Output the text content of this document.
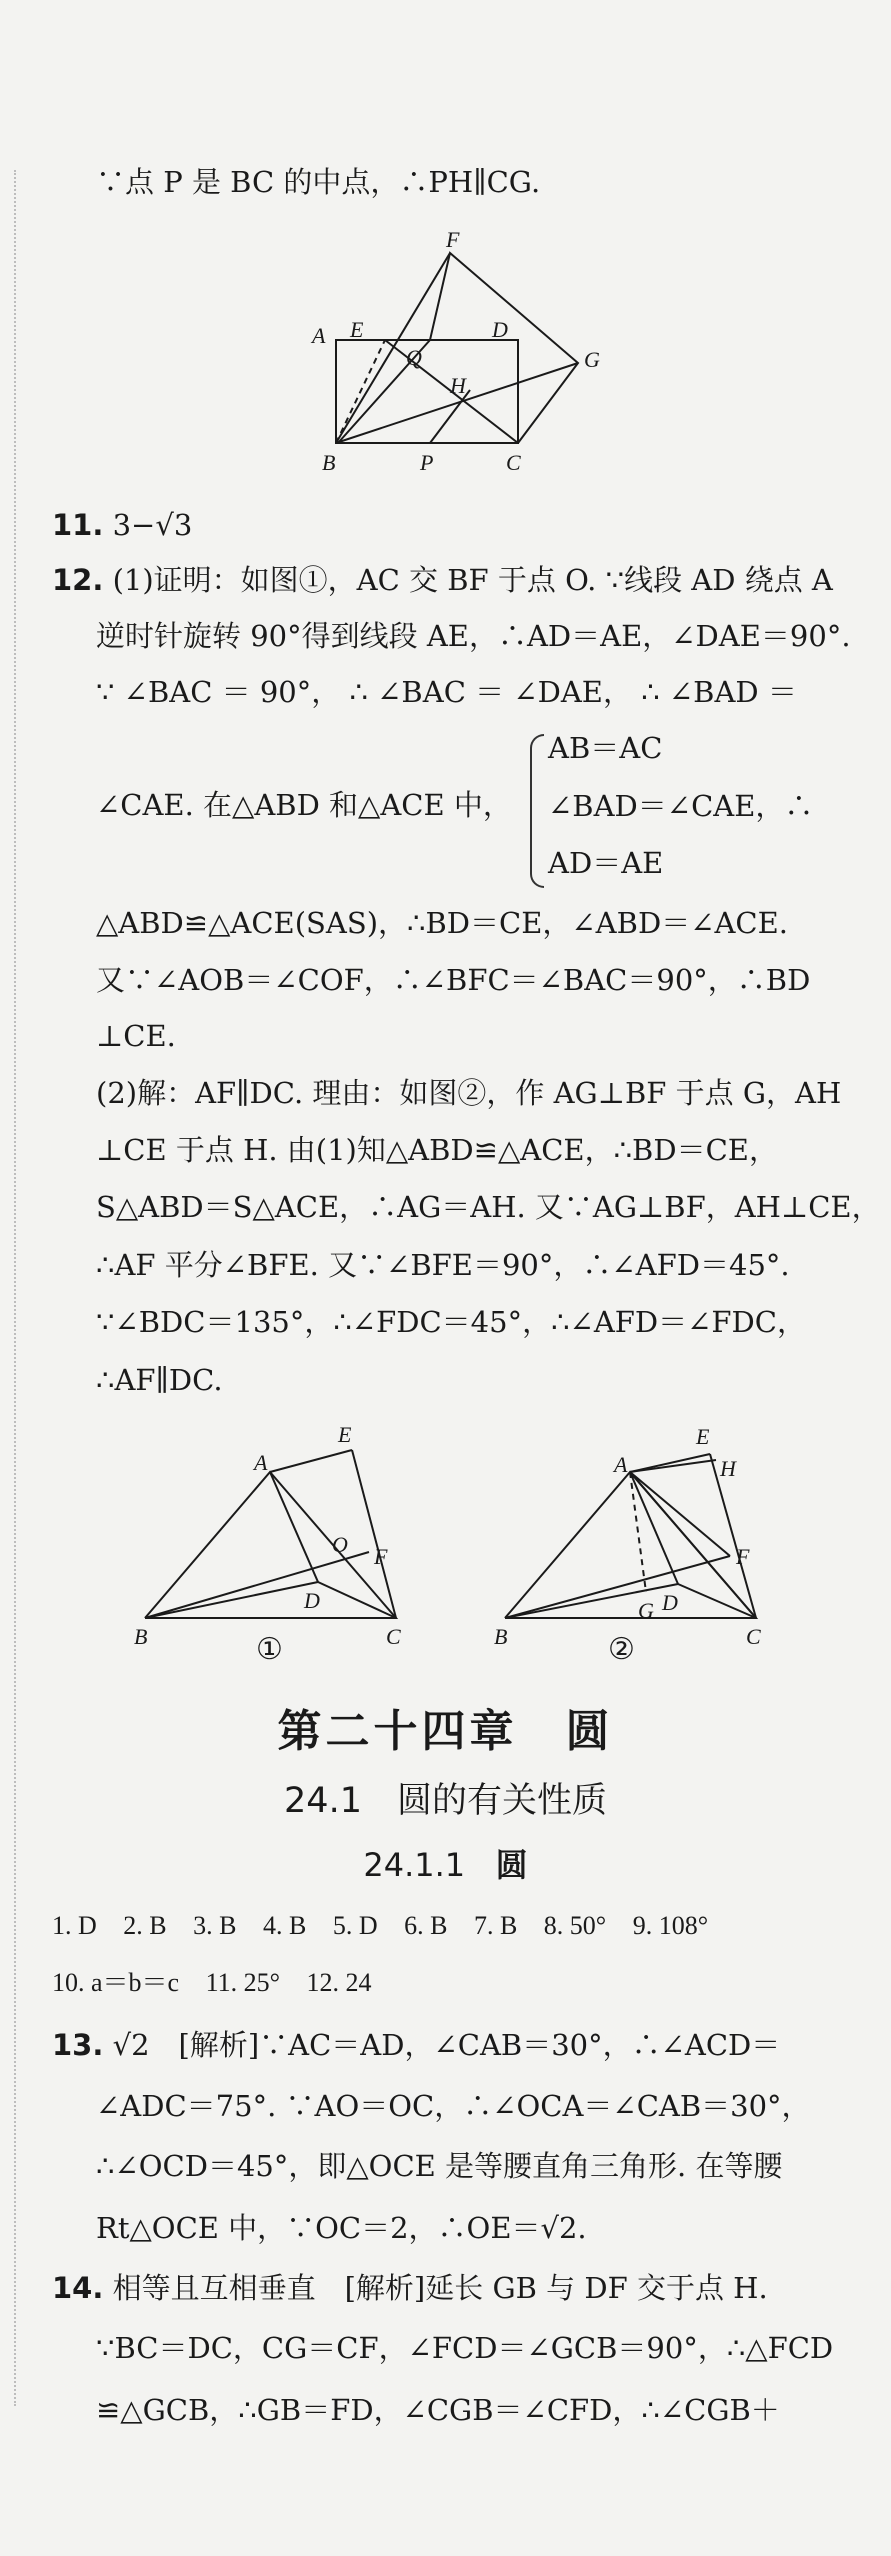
∵点 P 是 BC 的中点，∴PH∥CG.
F
A E	D
G
Q
H
B	P	C
11. 3−√3
12. (1)证明：如图①，AC 交 BF 于点 O. ∵线段 AD 绕点 A
逆时针旋转 90°得到线段 AE，∴AD＝AE，∠DAE＝90°.
∵ ∠BAC ＝ 90°， ∴ ∠BAC ＝ ∠DAE， ∴ ∠BAD ＝
∠CAE. 在△ABD 和△ACE 中，
AB＝AC
∠BAD＝∠CAE，∴
AD＝AE
△ABD≌△ACE(SAS)，∴BD＝CE，∠ABD＝∠ACE.
又∵∠AOB＝∠COF，∴∠BFC＝∠BAC＝90°，∴BD
⊥CE.
(2)解：AF∥DC. 理由：如图②，作 AG⊥BF 于点 G，AH
⊥CE 于点 H. 由(1)知△ABD≌△ACE，∴BD＝CE，
S△ABD＝S△ACE，∴AG＝AH. 又∵AG⊥BF，AH⊥CE，
∴AF 平分∠BFE. 又∵∠BFE＝90°，∴∠AFD＝45°.
∵∠BDC＝135°，∴∠FDC＝45°，∴∠AFD＝∠FDC，
∴AF∥DC.
E
A
O F
D
B	C
①
E
H
A
F
G D
B	C
②
第二十四章　圆
24.1　圆的有关性质
24.1.1 圆
1. D 2. B 3. B 4. B 5. D 6. B 7. B 8. 50° 9. 108°
10. a＝b＝c 11. 25° 12. 24
13. √2　[解析]∵AC＝AD，∠CAB＝30°，∴∠ACD＝
∠ADC＝75°. ∵AO＝OC，∴∠OCA＝∠CAB＝30°，
∴∠OCD＝45°，即△OCE 是等腰直角三角形. 在等腰
Rt△OCE 中，∵OC＝2，∴OE＝√2.
14. 相等且互相垂直　[解析]延长 GB 与 DF 交于点 H.
∵BC＝DC，CG＝CF，∠FCD＝∠GCB＝90°，∴△FCD
≌△GCB，∴GB＝FD，∠CGB＝∠CFD，∴∠CGB＋
